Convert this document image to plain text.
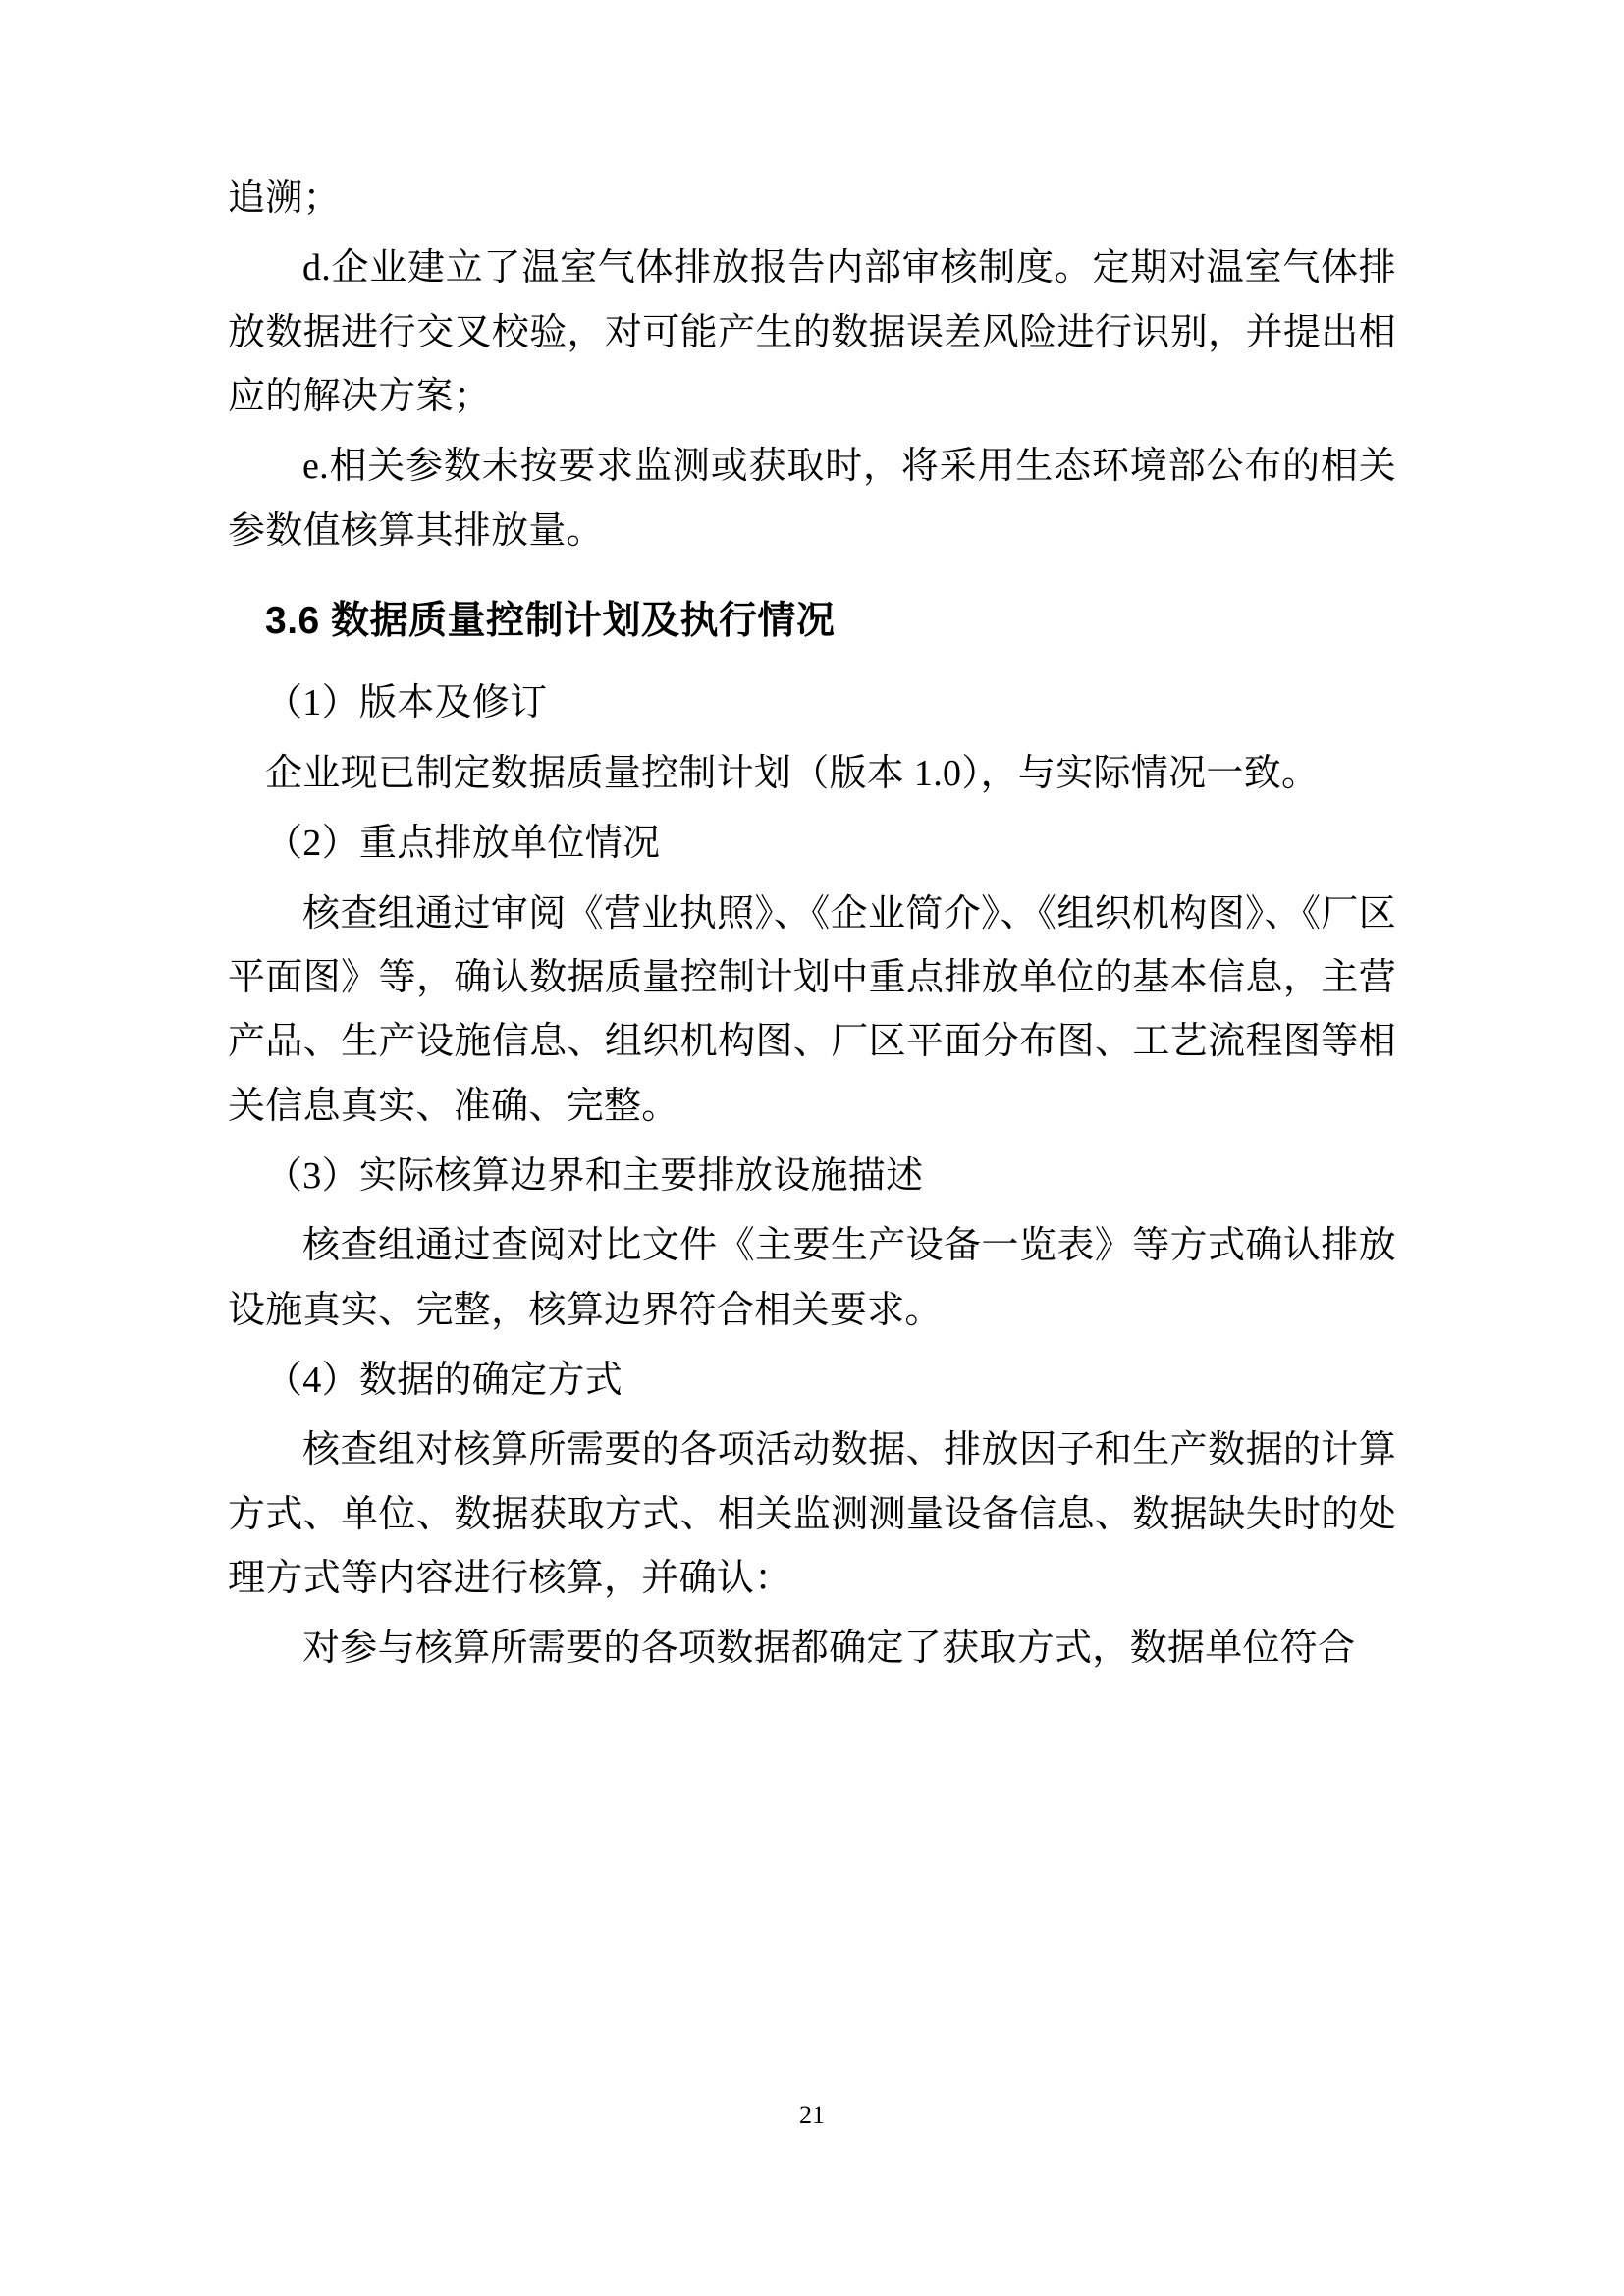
追溯；

d.企业建立了温室气体排放报告内部审核制度。定期对温室气体排放数据进行交叉校验，对可能产生的数据误差风险进行识别，并提出相应的解决方案；

e.相关参数未按要求监测或获取时，将采用生态环境部公布的相关参数值核算其排放量。

3.6 数据质量控制计划及执行情况

（1）版本及修订

企业现已制定数据质量控制计划（版本 1.0），与实际情况一致。

（2）重点排放单位情况

核查组通过审阅《营业执照》、《企业简介》、《组织机构图》、《厂区平面图》等，确认数据质量控制计划中重点排放单位的基本信息，主营产品、生产设施信息、组织机构图、厂区平面分布图、工艺流程图等相关信息真实、准确、完整。

（3）实际核算边界和主要排放设施描述

核查组通过查阅对比文件《主要生产设备一览表》等方式确认排放设施真实、完整，核算边界符合相关要求。

（4）数据的确定方式

核查组对核算所需要的各项活动数据、排放因子和生产数据的计算方式、单位、数据获取方式、相关监测测量设备信息、数据缺失时的处理方式等内容进行核算，并确认：

对参与核算所需要的各项数据都确定了获取方式，数据单位符合

21
